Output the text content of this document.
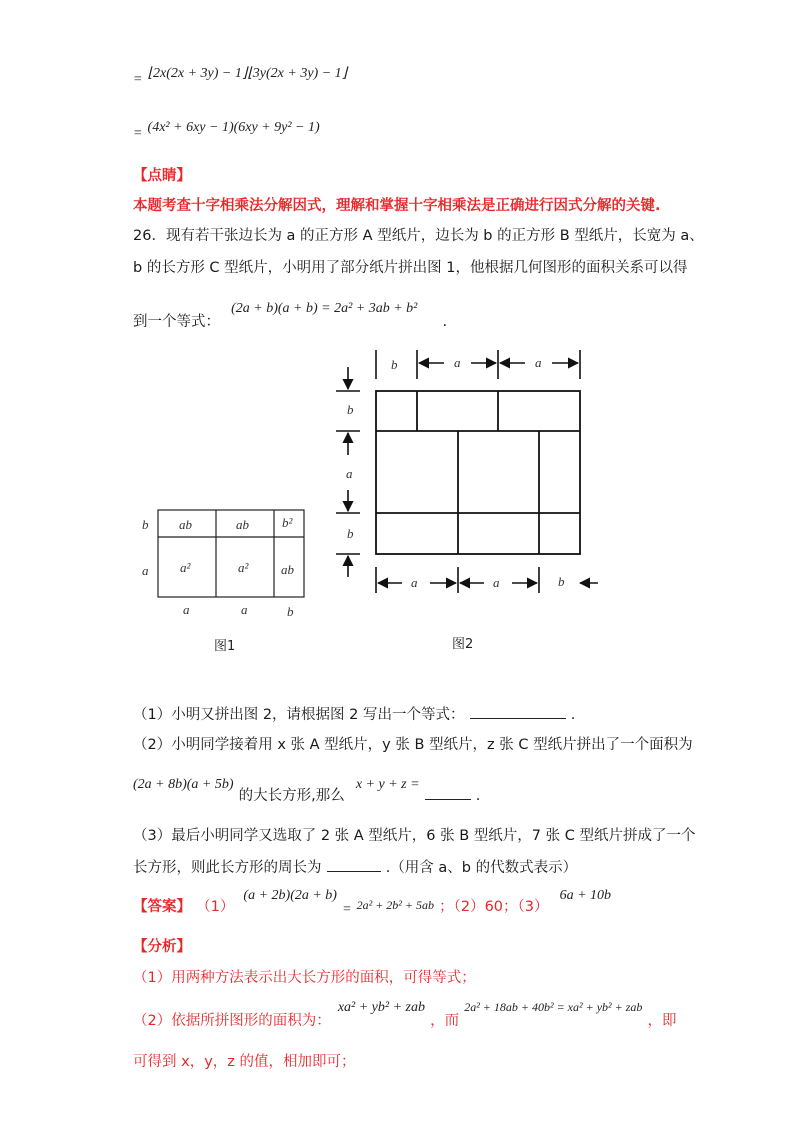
= ⌊2x(2x + 3y) − 1⌋⌊3y(2x + 3y) − 1⌋
= (4x² + 6xy − 1)(6xy + 9y² − 1)
【点睛】
本题考查十字相乘法分解因式，理解和掌握十字相乘法是正确进行因式分解的关键.
26．现有若干张边长为 a 的正方形 A 型纸片，边长为 b 的正方形 B 型纸片，长宽为 a、
b 的长方形 C 型纸片，小明用了部分纸片拼出图 1，他根据几何图形的面积关系可以得
到一个等式： (2a + b)(a + b) = 2a² + 3ab + b² .
b
a
ab	ab	b²
a²	a²	ab
a	a	b
图1
b	a	a
b
a
b
a	a	b
图2
（1）小明又拼出图 2，请根据图 2 写出一个等式：	.
（2）小明同学接着用 x 张 A 型纸片，y 张 B 型纸片，z 张 C 型纸片拼出了一个面积为
(2a + 8b)(a + 5b) 的大长方形,那么 x + y + z =  .
（3）最后小明同学又选取了 2 张 A 型纸片，6 张 B 型纸片，7 张 C 型纸片拼成了一个
长方形，则此长方形的周长为	.（用含 a、b 的代数式表示）
【答案】 （1） (a + 2b)(2a + b) = $_{2a^2 + 2b^2 + 5ab}$ ；（2）60；（3） 6a + 10b
【分析】
（1）用两种方法表示出大长方形的面积，可得等式；
（2）依据所拼图形的面积为： xa² + yb² + zab ，而 2a² + 18ab + 40b² = xa² + yb² + zab ，即
可得到 x，y，z 的值，相加即可；
